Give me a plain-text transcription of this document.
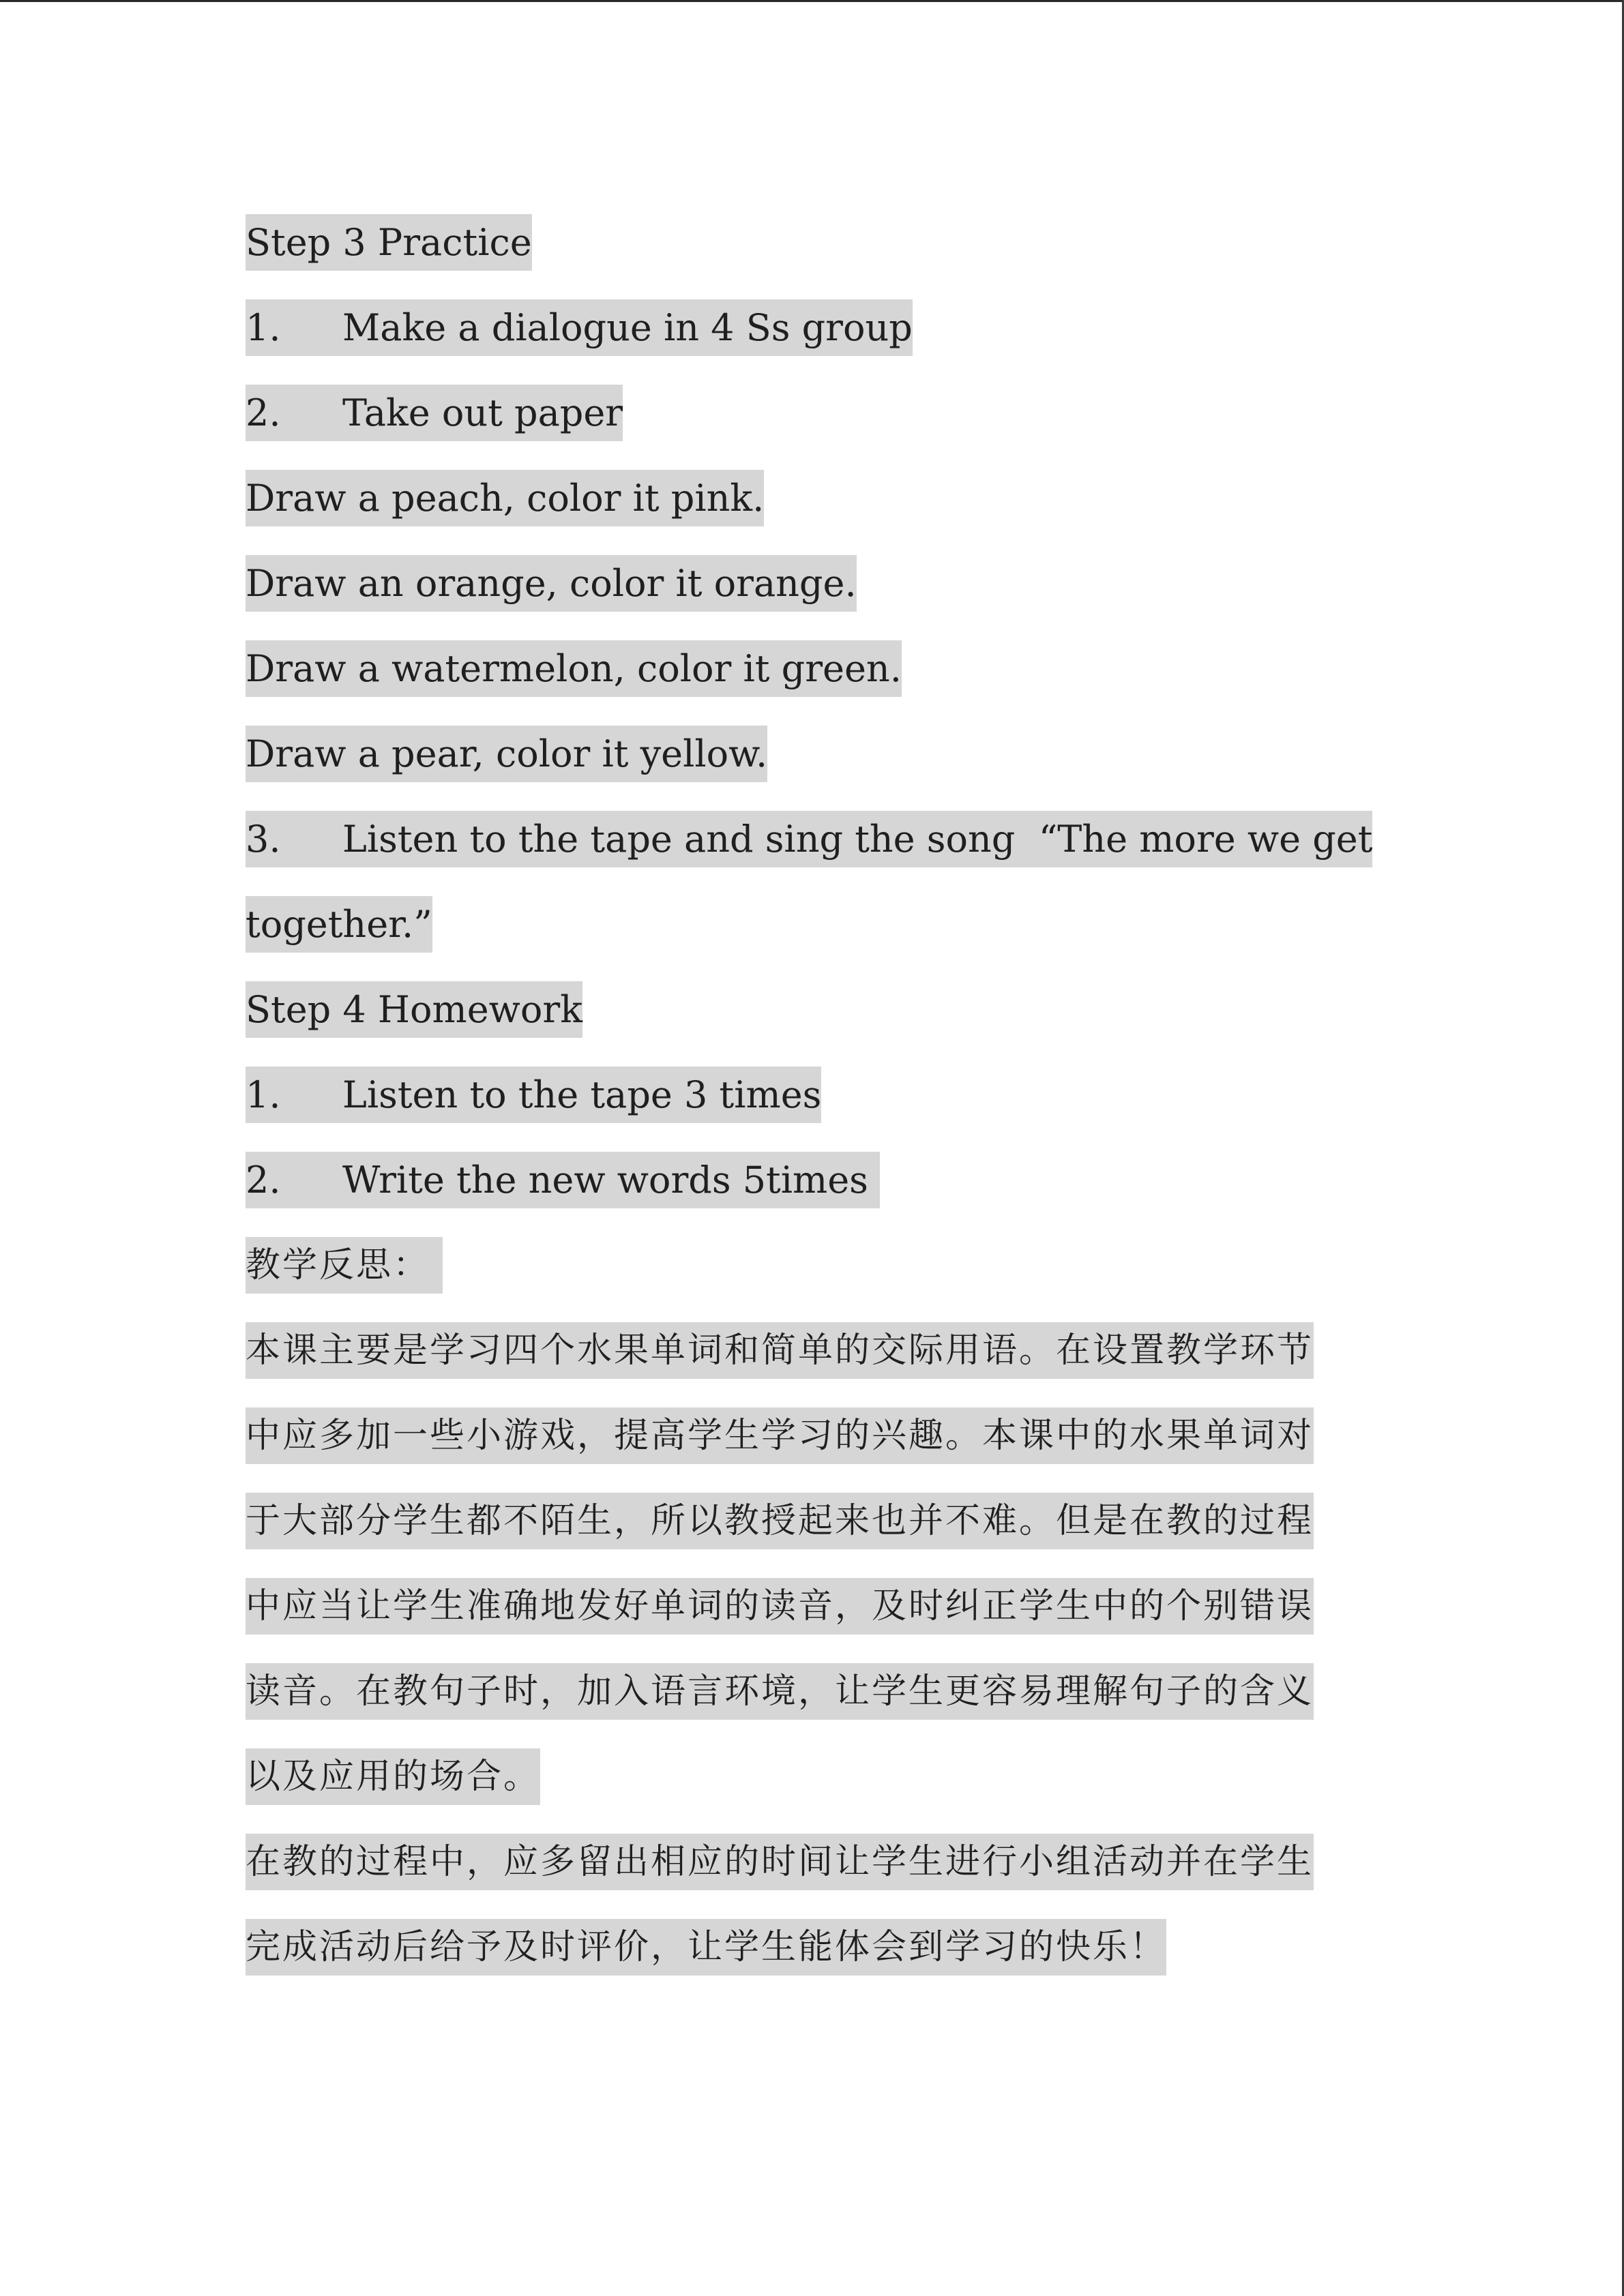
Step 3 Practice
1. Make a dialogue in 4 Ss group
2. Take out paper
Draw a peach, color it pink.
Draw an orange, color it orange.
Draw a watermelon, color it green.
Draw a pear, color it yellow.
3. Listen to the tape and sing the song  “The more we get
together.”
Step 4 Homework
1. Listen to the tape 3 times
2. Write the new words 5times
教学反思：
本课主要是学习四个水果单词和简单的交际用语。在设置教学环节
中应多加一些小游戏，提高学生学习的兴趣。本课中的水果单词对
于大部分学生都不陌生，所以教授起来也并不难。但是在教的过程
中应当让学生准确地发好单词的读音，及时纠正学生中的个别错误
读音。在教句子时，加入语言环境，让学生更容易理解句子的含义
以及应用的场合。
在教的过程中，应多留出相应的时间让学生进行小组活动并在学生
完成活动后给予及时评价，让学生能体会到学习的快乐！
